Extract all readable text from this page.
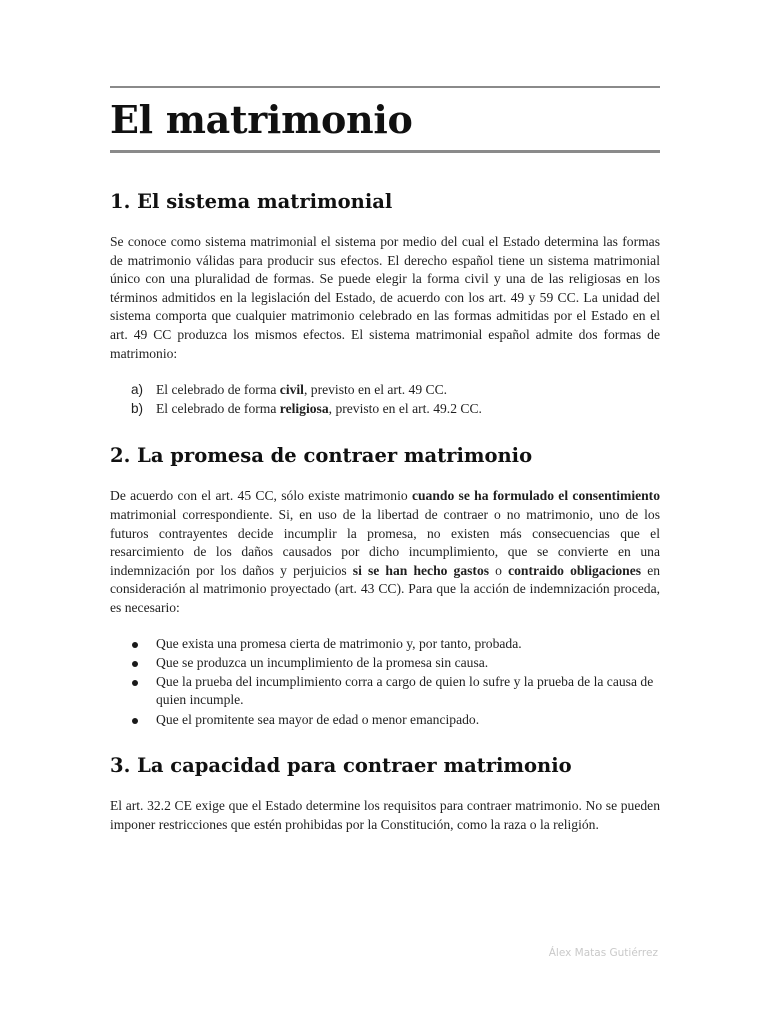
El matrimonio
1. El sistema matrimonial

Se conoce como sistema matrimonial el sistema por medio del cual el Estado determina las formas de matrimonio válidas para producir sus efectos. El derecho español tiene un sistema matrimonial único con una pluralidad de formas. Se puede elegir la forma civil y una de las religiosas en los términos admitidos en la legislación del Estado, de acuerdo con los art. 49 y 59 CC. La unidad del sistema comporta que cualquier matrimonio celebrado en las formas admitidas por el Estado en el art. 49 CC produzca los mismos efectos. El sistema matrimonial español admite dos formas de matrimonio:

a) El celebrado de forma civil, previsto en el art. 49 CC.
b) El celebrado de forma religiosa, previsto en el art. 49.2 CC.
2. La promesa de contraer matrimonio

De acuerdo con el art. 45 CC, sólo existe matrimonio cuando se ha formulado el consentimiento matrimonial correspondiente. Si, en uso de la libertad de contraer o no matrimonio, uno de los futuros contrayentes decide incumplir la promesa, no existen más consecuencias que el resarcimiento de los daños causados por dicho incumplimiento, que se convierte en una indemnización por los daños y perjuicios si se han hecho gastos o contraido obligaciones en consideración al matrimonio proyectado (art. 43 CC). Para que la acción de indemnización proceda, es necesario:

Que exista una promesa cierta de matrimonio y, por tanto, probada.
Que se produzca un incumplimiento de la promesa sin causa.
Que la prueba del incumplimiento corra a cargo de quien lo sufre y la prueba de la causa de quien incumple.
Que el promitente sea mayor de edad o menor emancipado.
3. La capacidad para contraer matrimonio

El art. 32.2 CE exige que el Estado determine los requisitos para contraer matrimonio. No se pueden imponer restricciones que estén prohibidas por la Constitución, como la raza o la religión.

Álex Matas Gutiérrez
